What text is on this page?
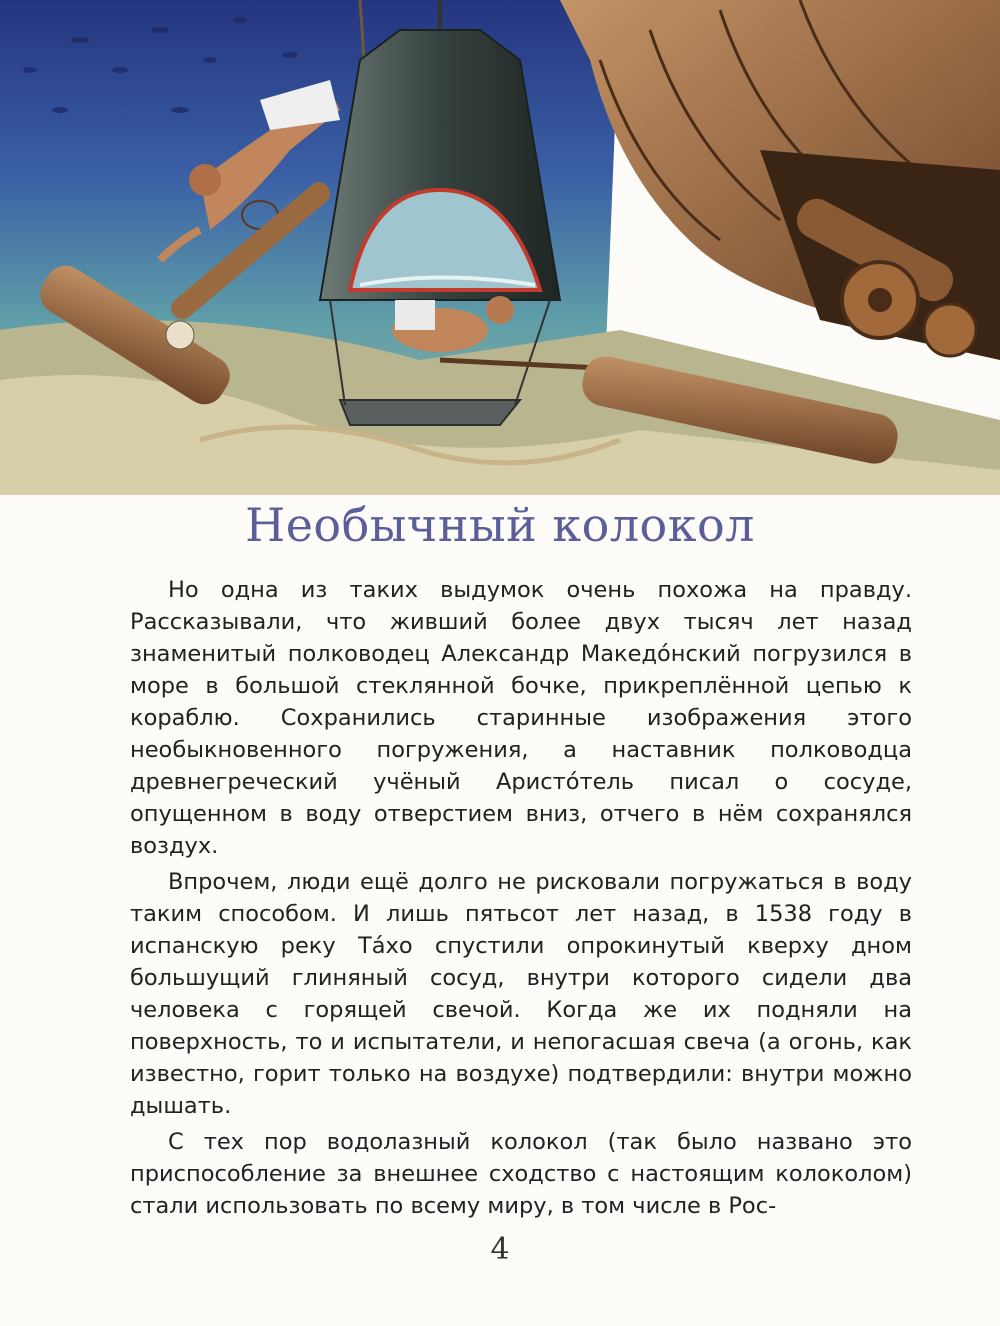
Необычный колокол

Но одна из таких выдумок очень похожа на правду. Рассказывали, что живший более двух тысяч лет назад знаменитый полководец Александр Македóнский погрузился в море в большой стеклянной бочке, прикреплённой цепью к кораблю. Сохранились старинные изображения этого необыкновенного погружения, а наставник полководца древнегреческий учёный Аристóтель писал о сосуде, опущенном в воду отверстием вниз, отчего в нём сохранялся воздух.

Впрочем, люди ещё долго не рисковали погружаться в воду таким способом. И лишь пятьсот лет назад, в 1538 году в испанскую реку Тáхо спустили опрокинутый кверху дном большущий глиняный сосуд, внутри которого сидели два человека с горящей свечой. Когда же их подняли на поверхность, то и испытатели, и непогасшая свеча (а огонь, как известно, горит только на воздухе) подтвердили: внутри можно дышать.

С тех пор водолазный колокол (так было названо это приспособление за внешнее сходство с настоящим колоколом) стали использовать по всему миру, в том числе в Рос-

4
